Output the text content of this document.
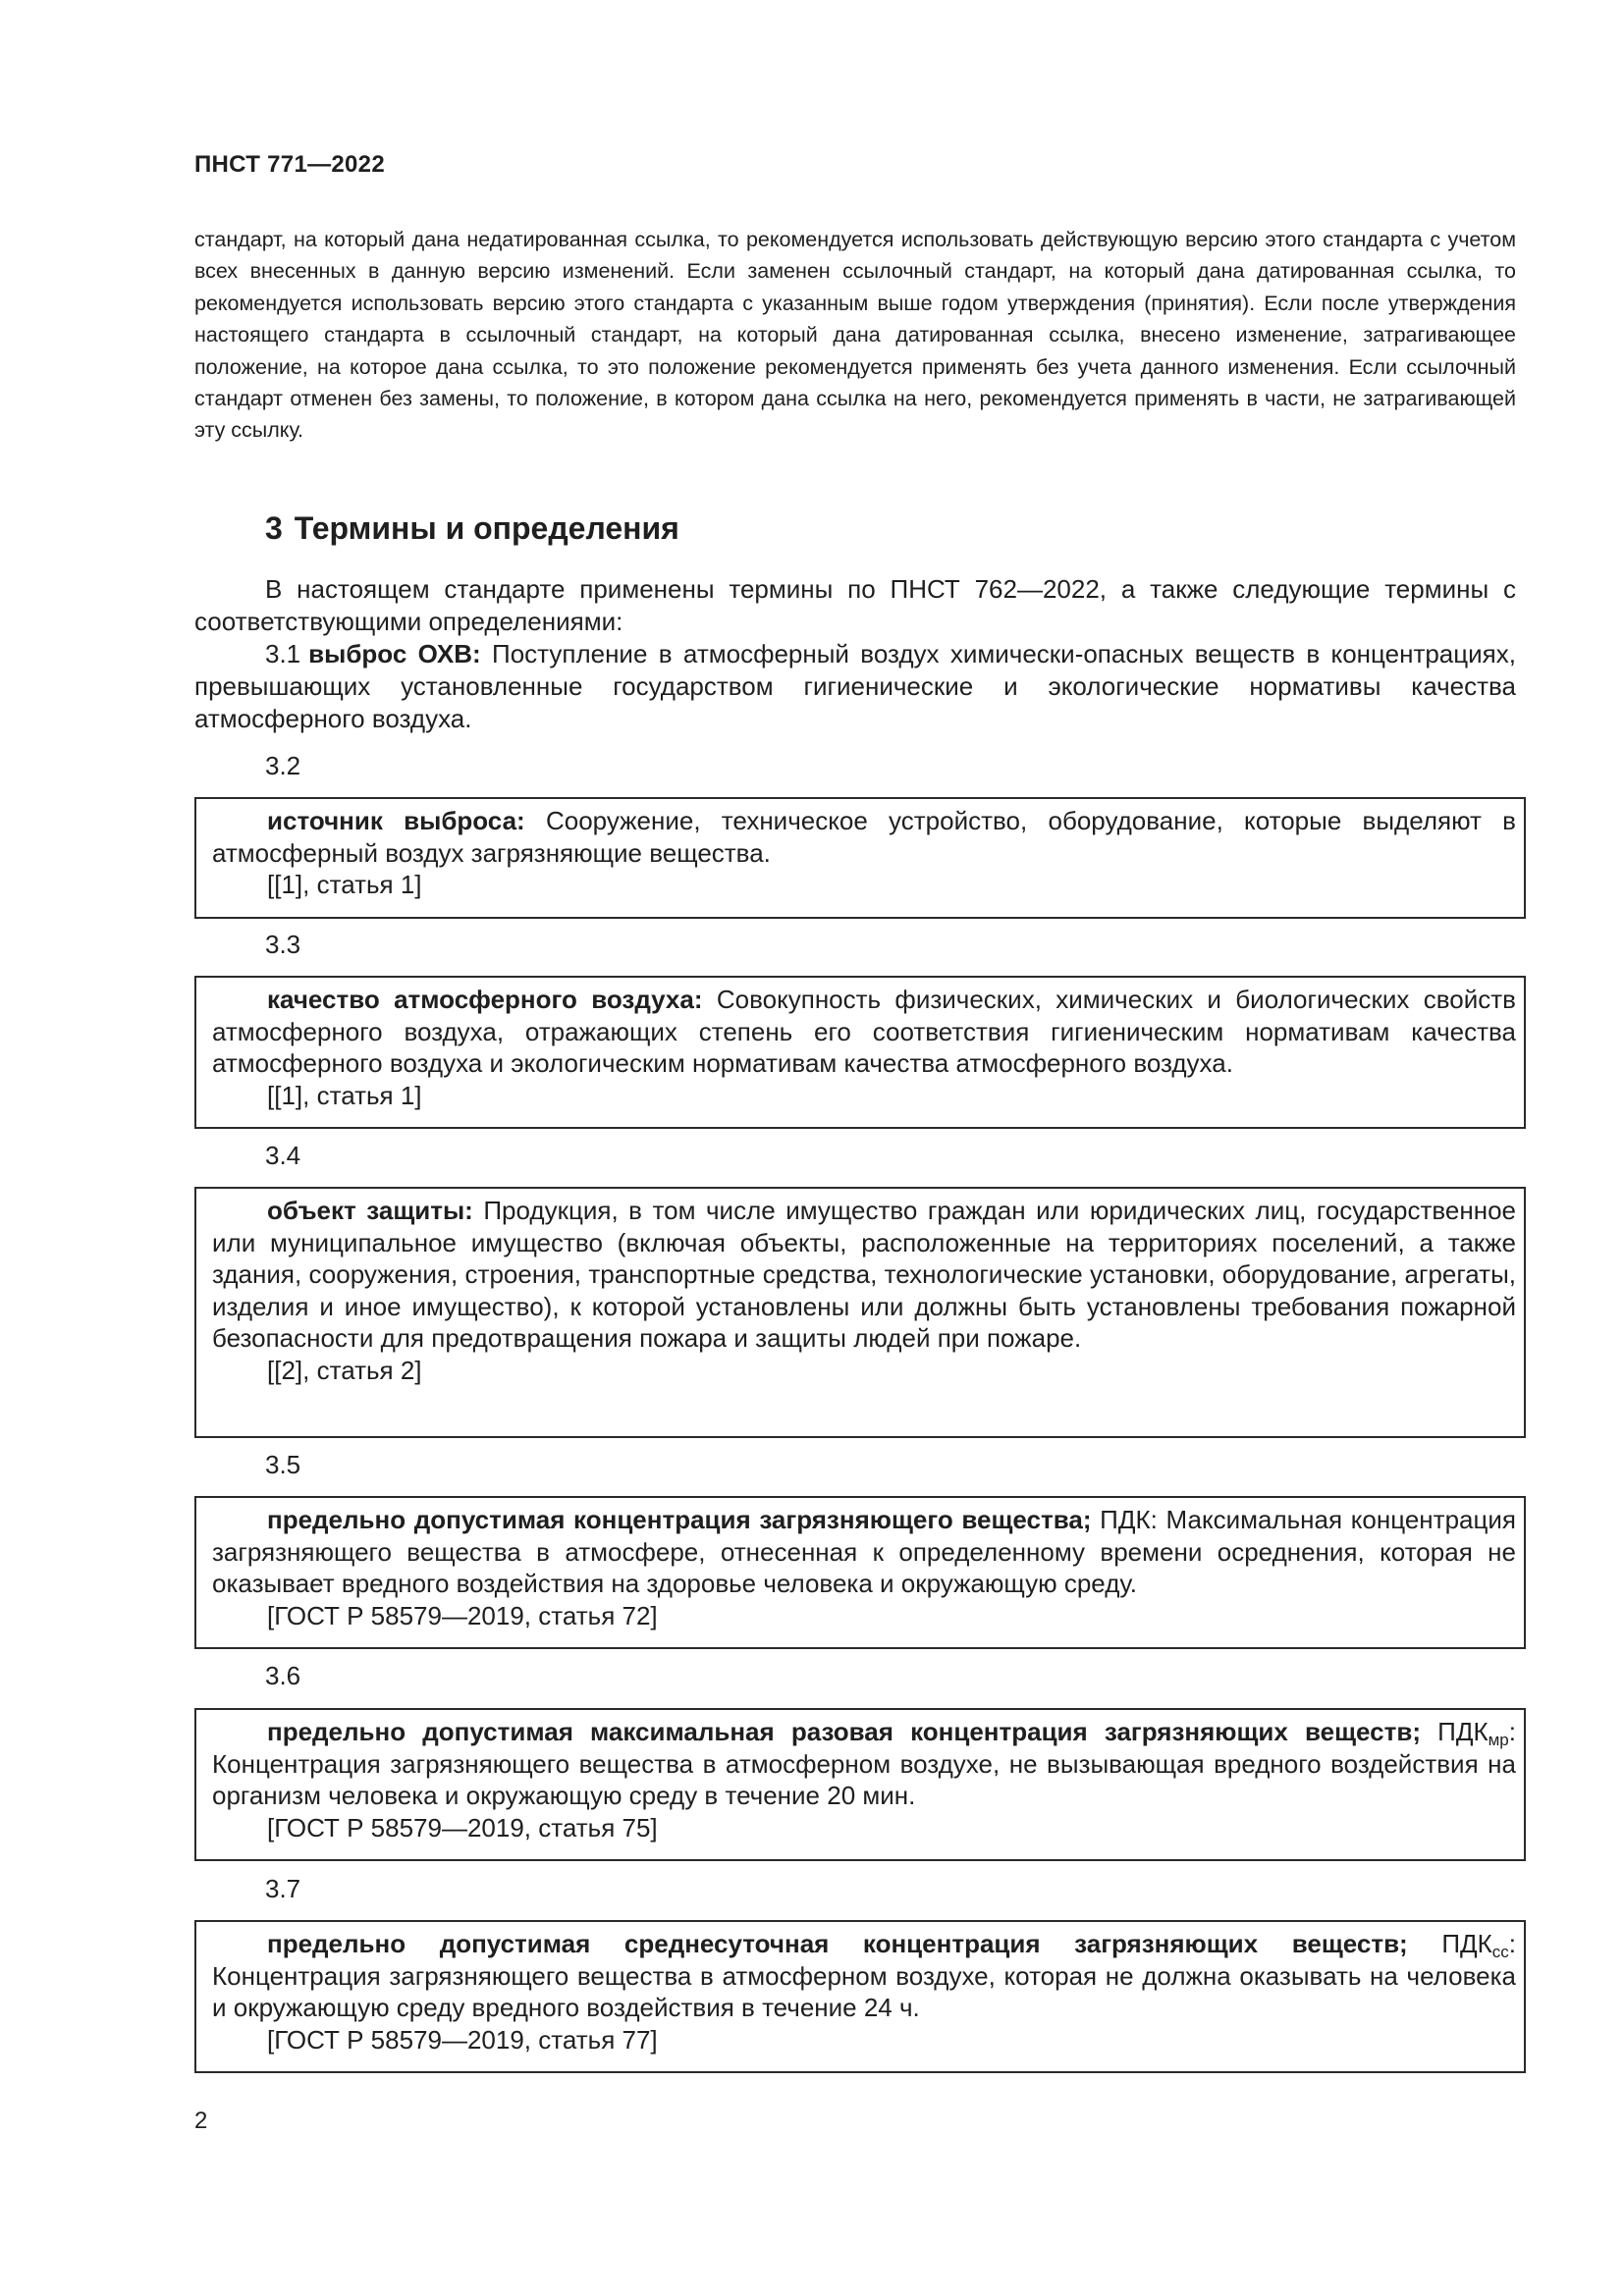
ПНСТ 771—2022

стандарт, на который дана недатированная ссылка, то рекомендуется использовать действующую версию этого стандарта с учетом всех внесенных в данную версию изменений. Если заменен ссылочный стандарт, на который дана датированная ссылка, то рекомендуется использовать версию этого стандарта с указанным выше годом утверждения (принятия). Если после утверждения настоящего стандарта в ссылочный стандарт, на который дана датированная ссылка, внесено изменение, затрагивающее положение, на которое дана ссылка, то это положение рекомендуется применять без учета данного изменения. Если ссылочный стандарт отменен без замены, то положение, в котором дана ссылка на него, рекомендуется применять в части, не затрагивающей эту ссылку.

3 Термины и определения

В настоящем стандарте применены термины по ПНСТ 762—2022, а также следующие термины с соответствующими определениями:

3.1 выброс ОХВ: Поступление в атмосферный воздух химически-опасных веществ в концентрациях, превышающих установленные государством гигиенические и экологические нормативы качества атмосферного воздуха.

3.2

источник выброса: Сооружение, техническое устройство, оборудование, которые выделяют в атмосферный воздух загрязняющие вещества.

[[1], статья 1]

3.3

качество атмосферного воздуха: Совокупность физических, химических и биологических свойств атмосферного воздуха, отражающих степень его соответствия гигиеническим нормативам качества атмосферного воздуха и экологическим нормативам качества атмосферного воздуха.

[[1], статья 1]

3.4

объект защиты: Продукция, в том числе имущество граждан или юридических лиц, государственное или муниципальное имущество (включая объекты, расположенные на территориях поселений, а также здания, сооружения, строения, транспортные средства, технологические установки, оборудование, агрегаты, изделия и иное имущество), к которой установлены или должны быть установлены требования пожарной безопасности для предотвращения пожара и защиты людей при пожаре.

[[2], статья 2]

3.5

предельно допустимая концентрация загрязняющего вещества; ПДК: Максимальная концентрация загрязняющего вещества в атмосфере, отнесенная к определенному времени осреднения, которая не оказывает вредного воздействия на здоровье человека и окружающую среду.

[ГОСТ Р 58579—2019, статья 72]

3.6

предельно допустимая максимальная разовая концентрация загрязняющих веществ; $ПДК_{мр}$: Концентрация загрязняющего вещества в атмосферном воздухе, не вызывающая вредного воздействия на организм человека и окружающую среду в течение 20 мин.

[ГОСТ Р 58579—2019, статья 75]

3.7

предельно допустимая среднесуточная концентрация загрязняющих веществ; $ПДК_{сс}$: Концентрация загрязняющего вещества в атмосферном воздухе, которая не должна оказывать на человека и окружающую среду вредного воздействия в течение 24 ч.

[ГОСТ Р 58579—2019, статья 77]

2
